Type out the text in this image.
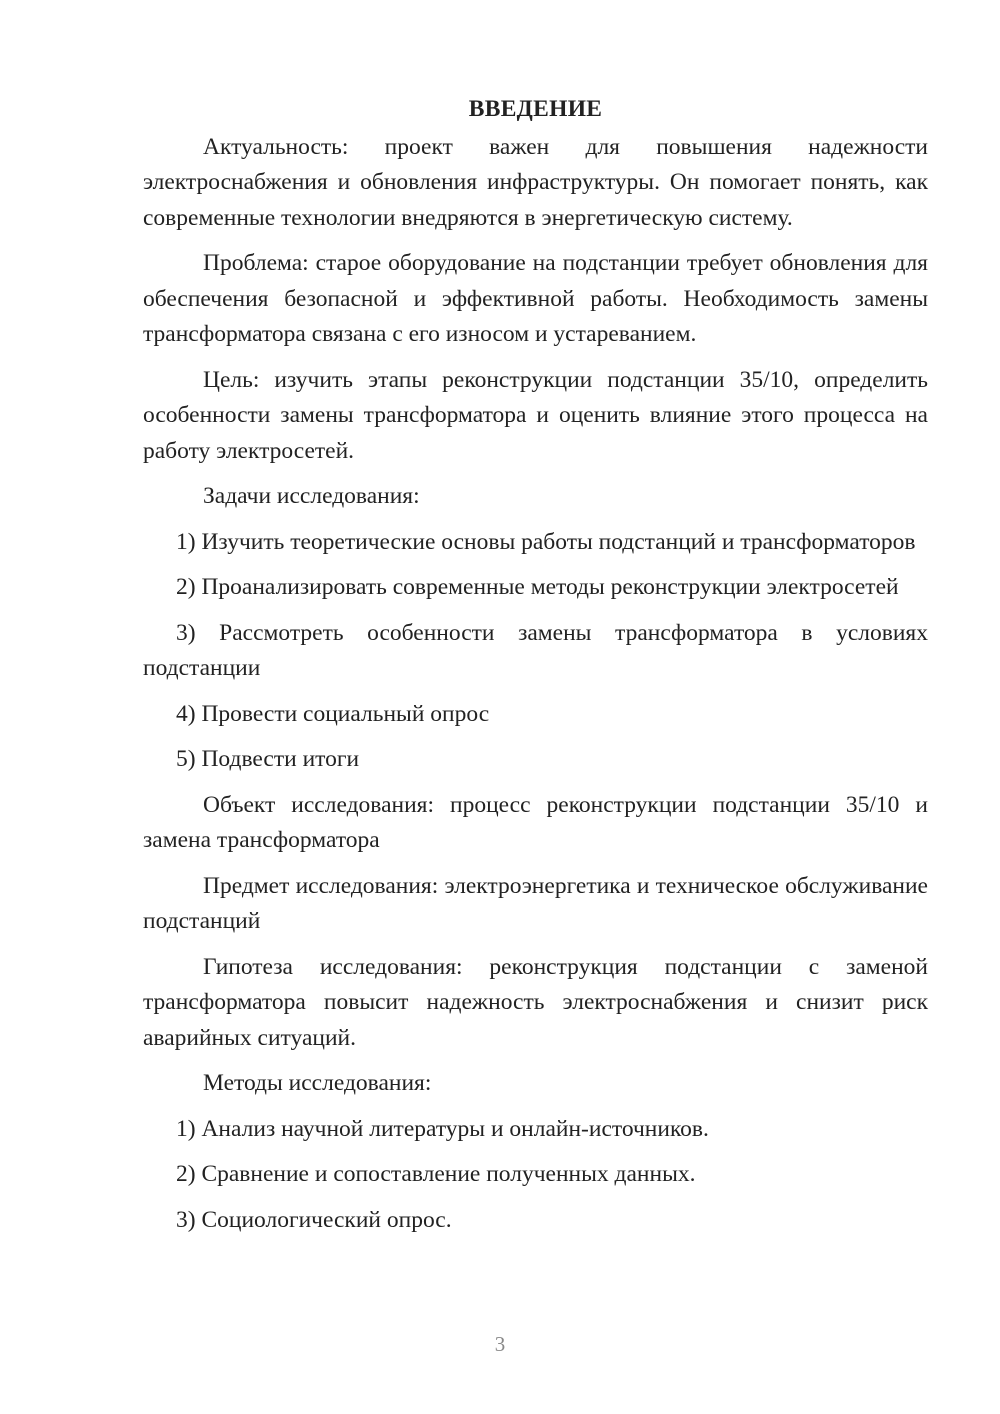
ВВЕДЕНИЕ

Актуальность: проект важен для повышения надежности электроснабжения и обновления инфраструктуры. Он помогает понять, как современные технологии внедряются в энергетическую систему.

Проблема: старое оборудование на подстанции требует обновления для обеспечения безопасной и эффективной работы. Необходимость замены трансформатора связана с его износом и устареванием.

Цель: изучить этапы реконструкции подстанции 35/10, определить особенности замены трансформатора и оценить влияние этого процесса на работу электросетей.

Задачи исследования:

1) Изучить теоретические основы работы подстанций и трансформаторов

2) Проанализировать современные методы реконструкции электросетей

3) Рассмотреть особенности замены трансформатора в условиях подстанции

4) Провести социальный опрос

5) Подвести итоги

Объект исследования: процесс реконструкции подстанции 35/10 и замена трансформатора

Предмет исследования: электроэнергетика и техническое обслуживание подстанций

Гипотеза исследования: реконструкция подстанции с заменой трансформатора повысит надежность электроснабжения и снизит риск аварийных ситуаций.

Методы исследования:

1) Анализ научной литературы и онлайн-источников.

2) Сравнение и сопоставление полученных данных.

3) Социологический опрос.

3
